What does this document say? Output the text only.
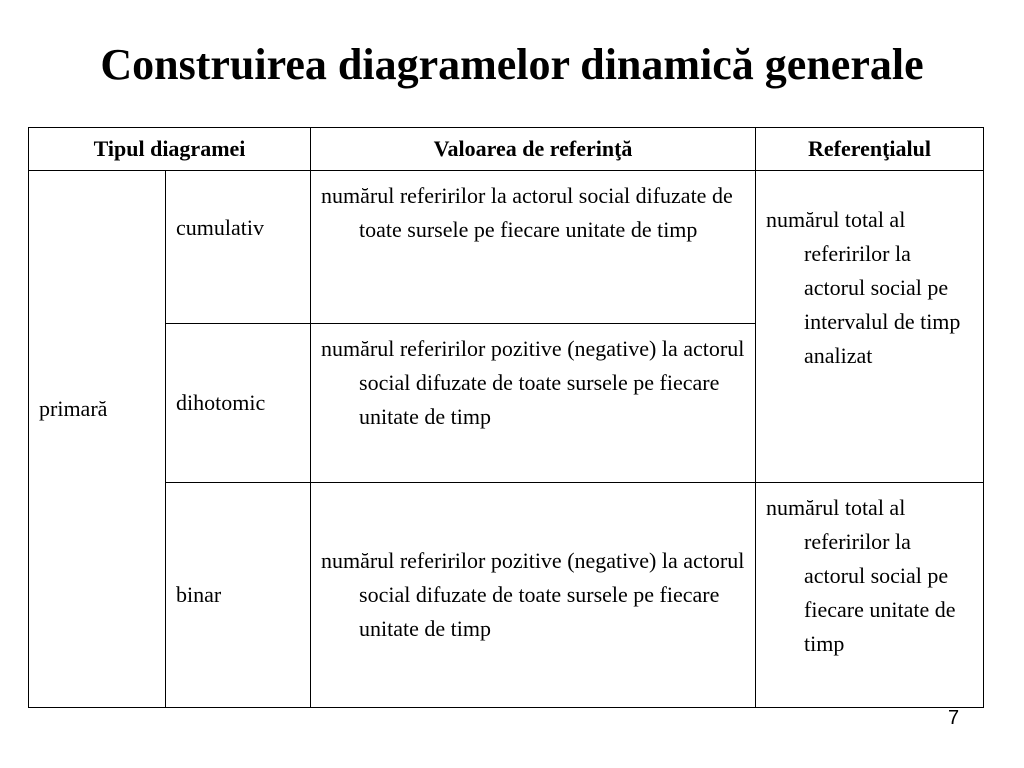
Construirea diagramelor dinamică generale
Tipul diagramei		Valoarea de referinţă	Referenţialul

primară	cumulativ	numărul referirilor la actorul social difuzate de toate sursele pe fiecare unitate de timp	numărul total al referirilor la actorul social pe intervalul de timp analizat
	dihotomic	numărul referirilor pozitive (negative) la actorul social difuzate de toate sursele pe fiecare unitate de timp	
	binar	numărul referirilor pozitive (negative) la actorul social difuzate de toate sursele pe fiecare unitate de timp	numărul total al referirilor la actorul social pe fiecare unitate de timp
7
